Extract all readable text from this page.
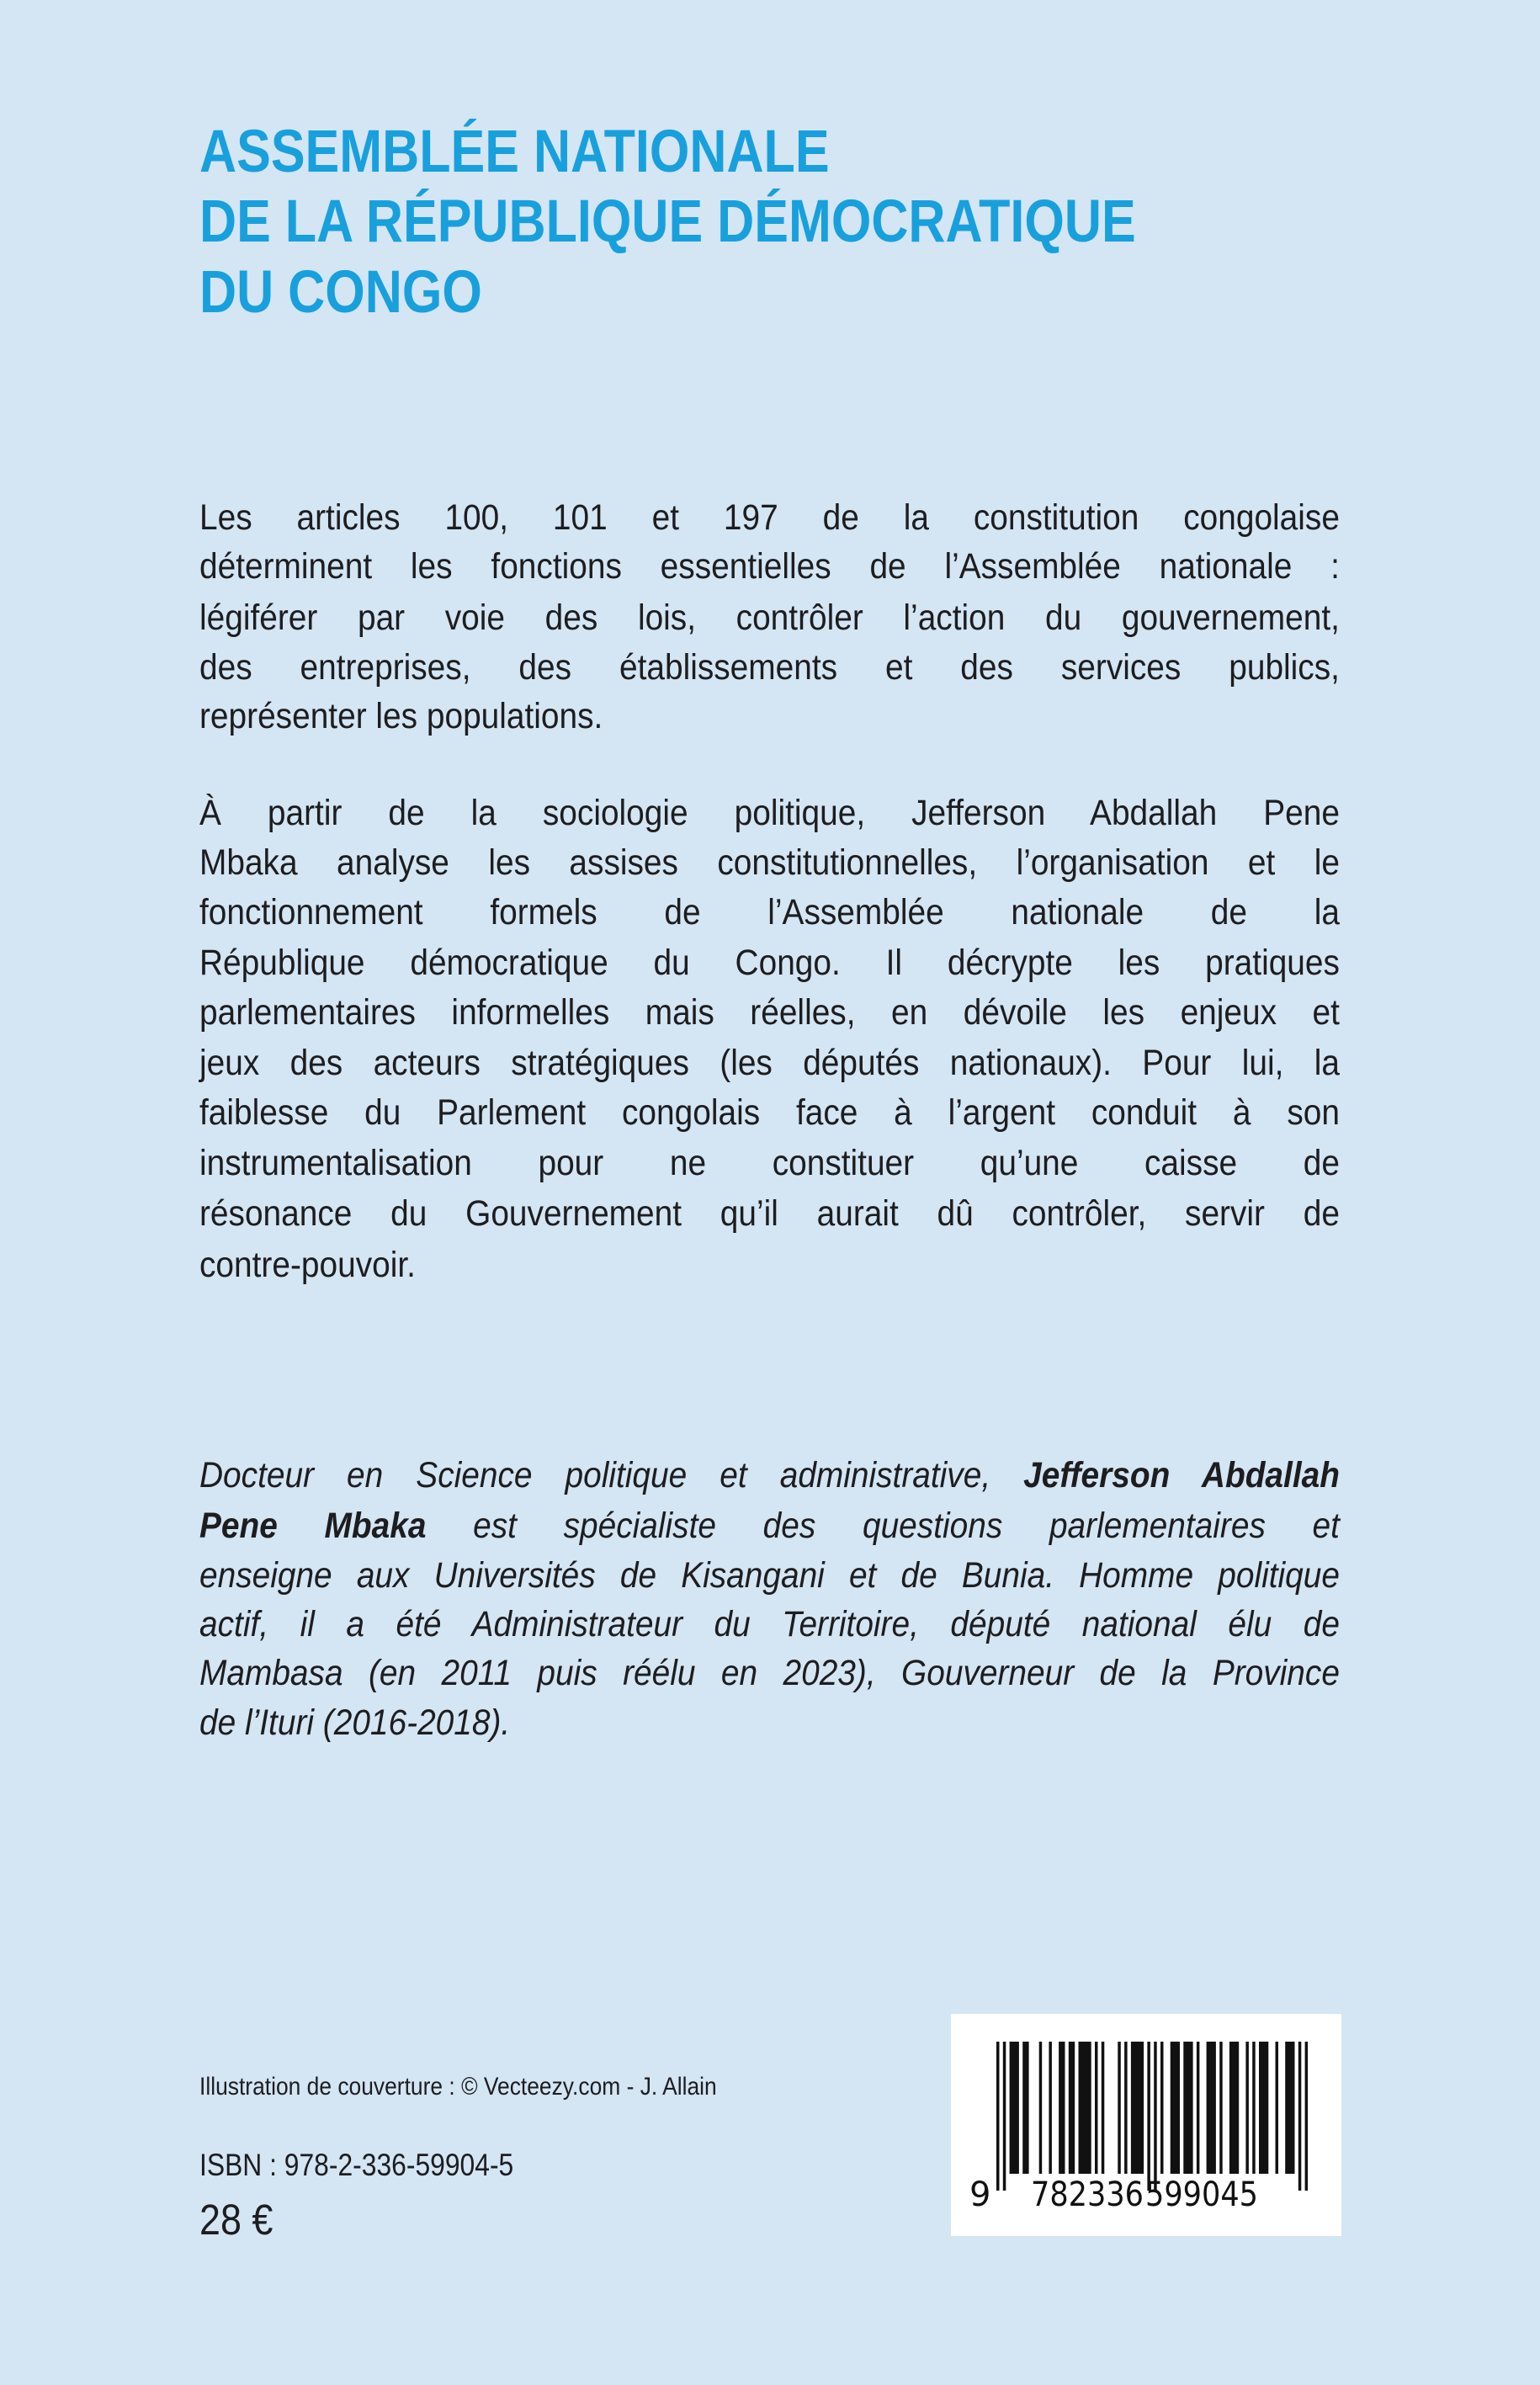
ASSEMBLÉE NATIONALE
DE LA RÉPUBLIQUE DÉMOCRATIQUE
DU CONGO
Les articles 100, 101 et 197 de la constitution congolaise
déterminent les fonctions essentielles de l’Assemblée nationale :
légiférer par voie des lois, contrôler l’action du gouvernement,
des entreprises, des établissements et des services publics,
représenter les populations.
À partir de la sociologie politique, Jefferson Abdallah Pene
Mbaka analyse les assises constitutionnelles, l’organisation et le
fonctionnement formels de l’Assemblée nationale de la
République démocratique du Congo. Il décrypte les pratiques
parlementaires informelles mais réelles, en dévoile les enjeux et
jeux des acteurs stratégiques (les députés nationaux). Pour lui, la
faiblesse du Parlement congolais face à l’argent conduit à son
instrumentalisation pour ne constituer qu’une caisse de
résonance du Gouvernement qu’il aurait dû contrôler, servir de
contre-pouvoir.
Docteur en Science politique et administrative, Jefferson Abdallah
Pene Mbaka est spécialiste des questions parlementaires et
enseigne aux Universités de Kisangani et de Bunia. Homme politique
actif, il a été Administrateur du Territoire, député national élu de
Mambasa (en 2011 puis réélu en 2023), Gouverneur de la Province
de l’Ituri (2016-2018).
Illustration de couverture : © Vecteezy.com - J. Allain
ISBN : 978-2-336-59904-5
28 €
9 782336 599045
